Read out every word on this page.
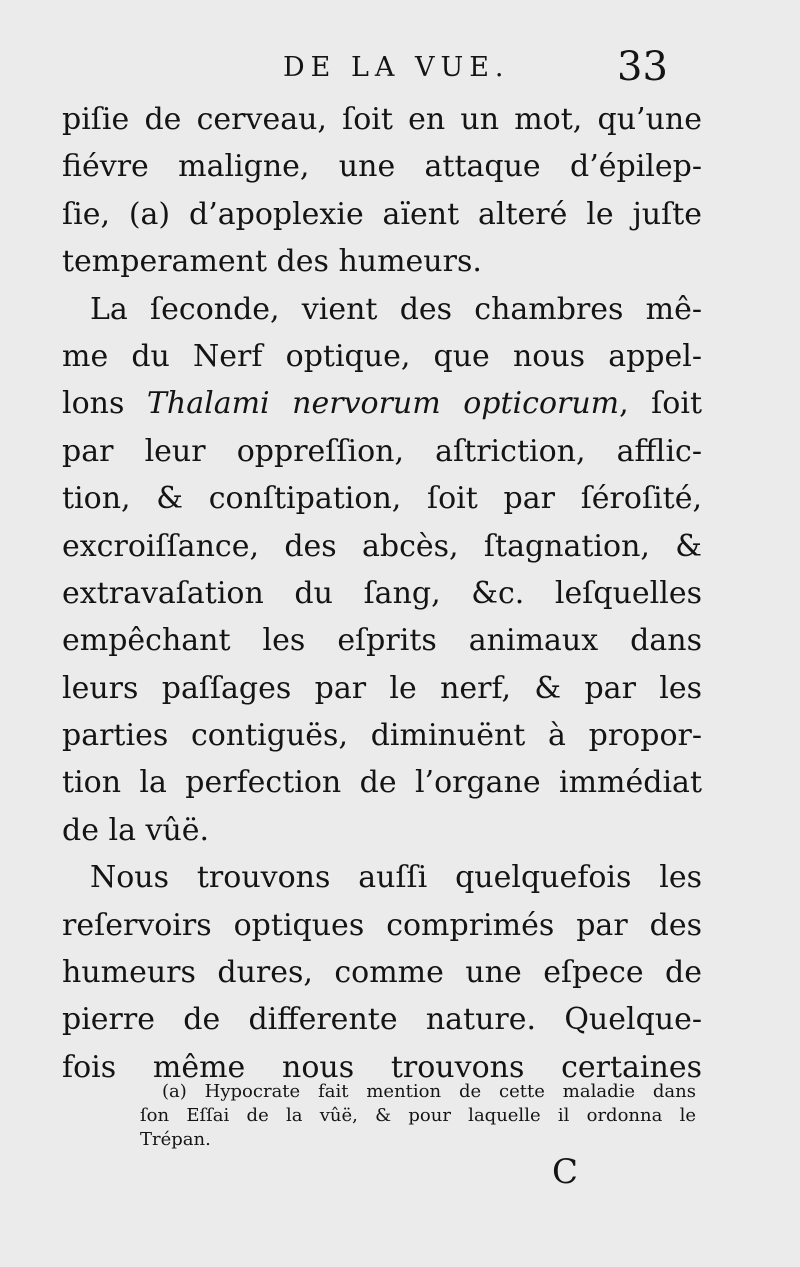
DE LA VUE.	33
piſie de cerveau, ſoit en un mot, qu’une
fiévre maligne, une attaque d’épilep-
ſie, (a) d’apoplexie aïent alteré le juſte
temperament des humeurs.
La ſeconde, vient des chambres mê-
me du Nerf optique, que nous appel-
lons Thalami nervorum opticorum, ſoit
par leur oppreſſion, aſtriction, afflic-
tion, & conſtipation, ſoit par ſéroſité,
excroiſſance, des abcès, ſtagnation, &
extravaſation du ſang, &c. leſquelles
empêchant les eſprits animaux dans
leurs paſſages par le nerf, & par les
parties contiguës, diminuënt à propor-
tion la perfection de l’organe immédiat
de la vûë.
Nous trouvons auſſi quelquefois les
reſervoirs optiques comprimés par des
humeurs dures, comme une eſpece de
pierre de differente nature. Quelque-
fois même nous trouvons certaines
(a) Hypocrate fait mention de cette maladie dans
ſon Eſſai de la vûë, & pour laquelle il ordonna le
Trépan.
C
